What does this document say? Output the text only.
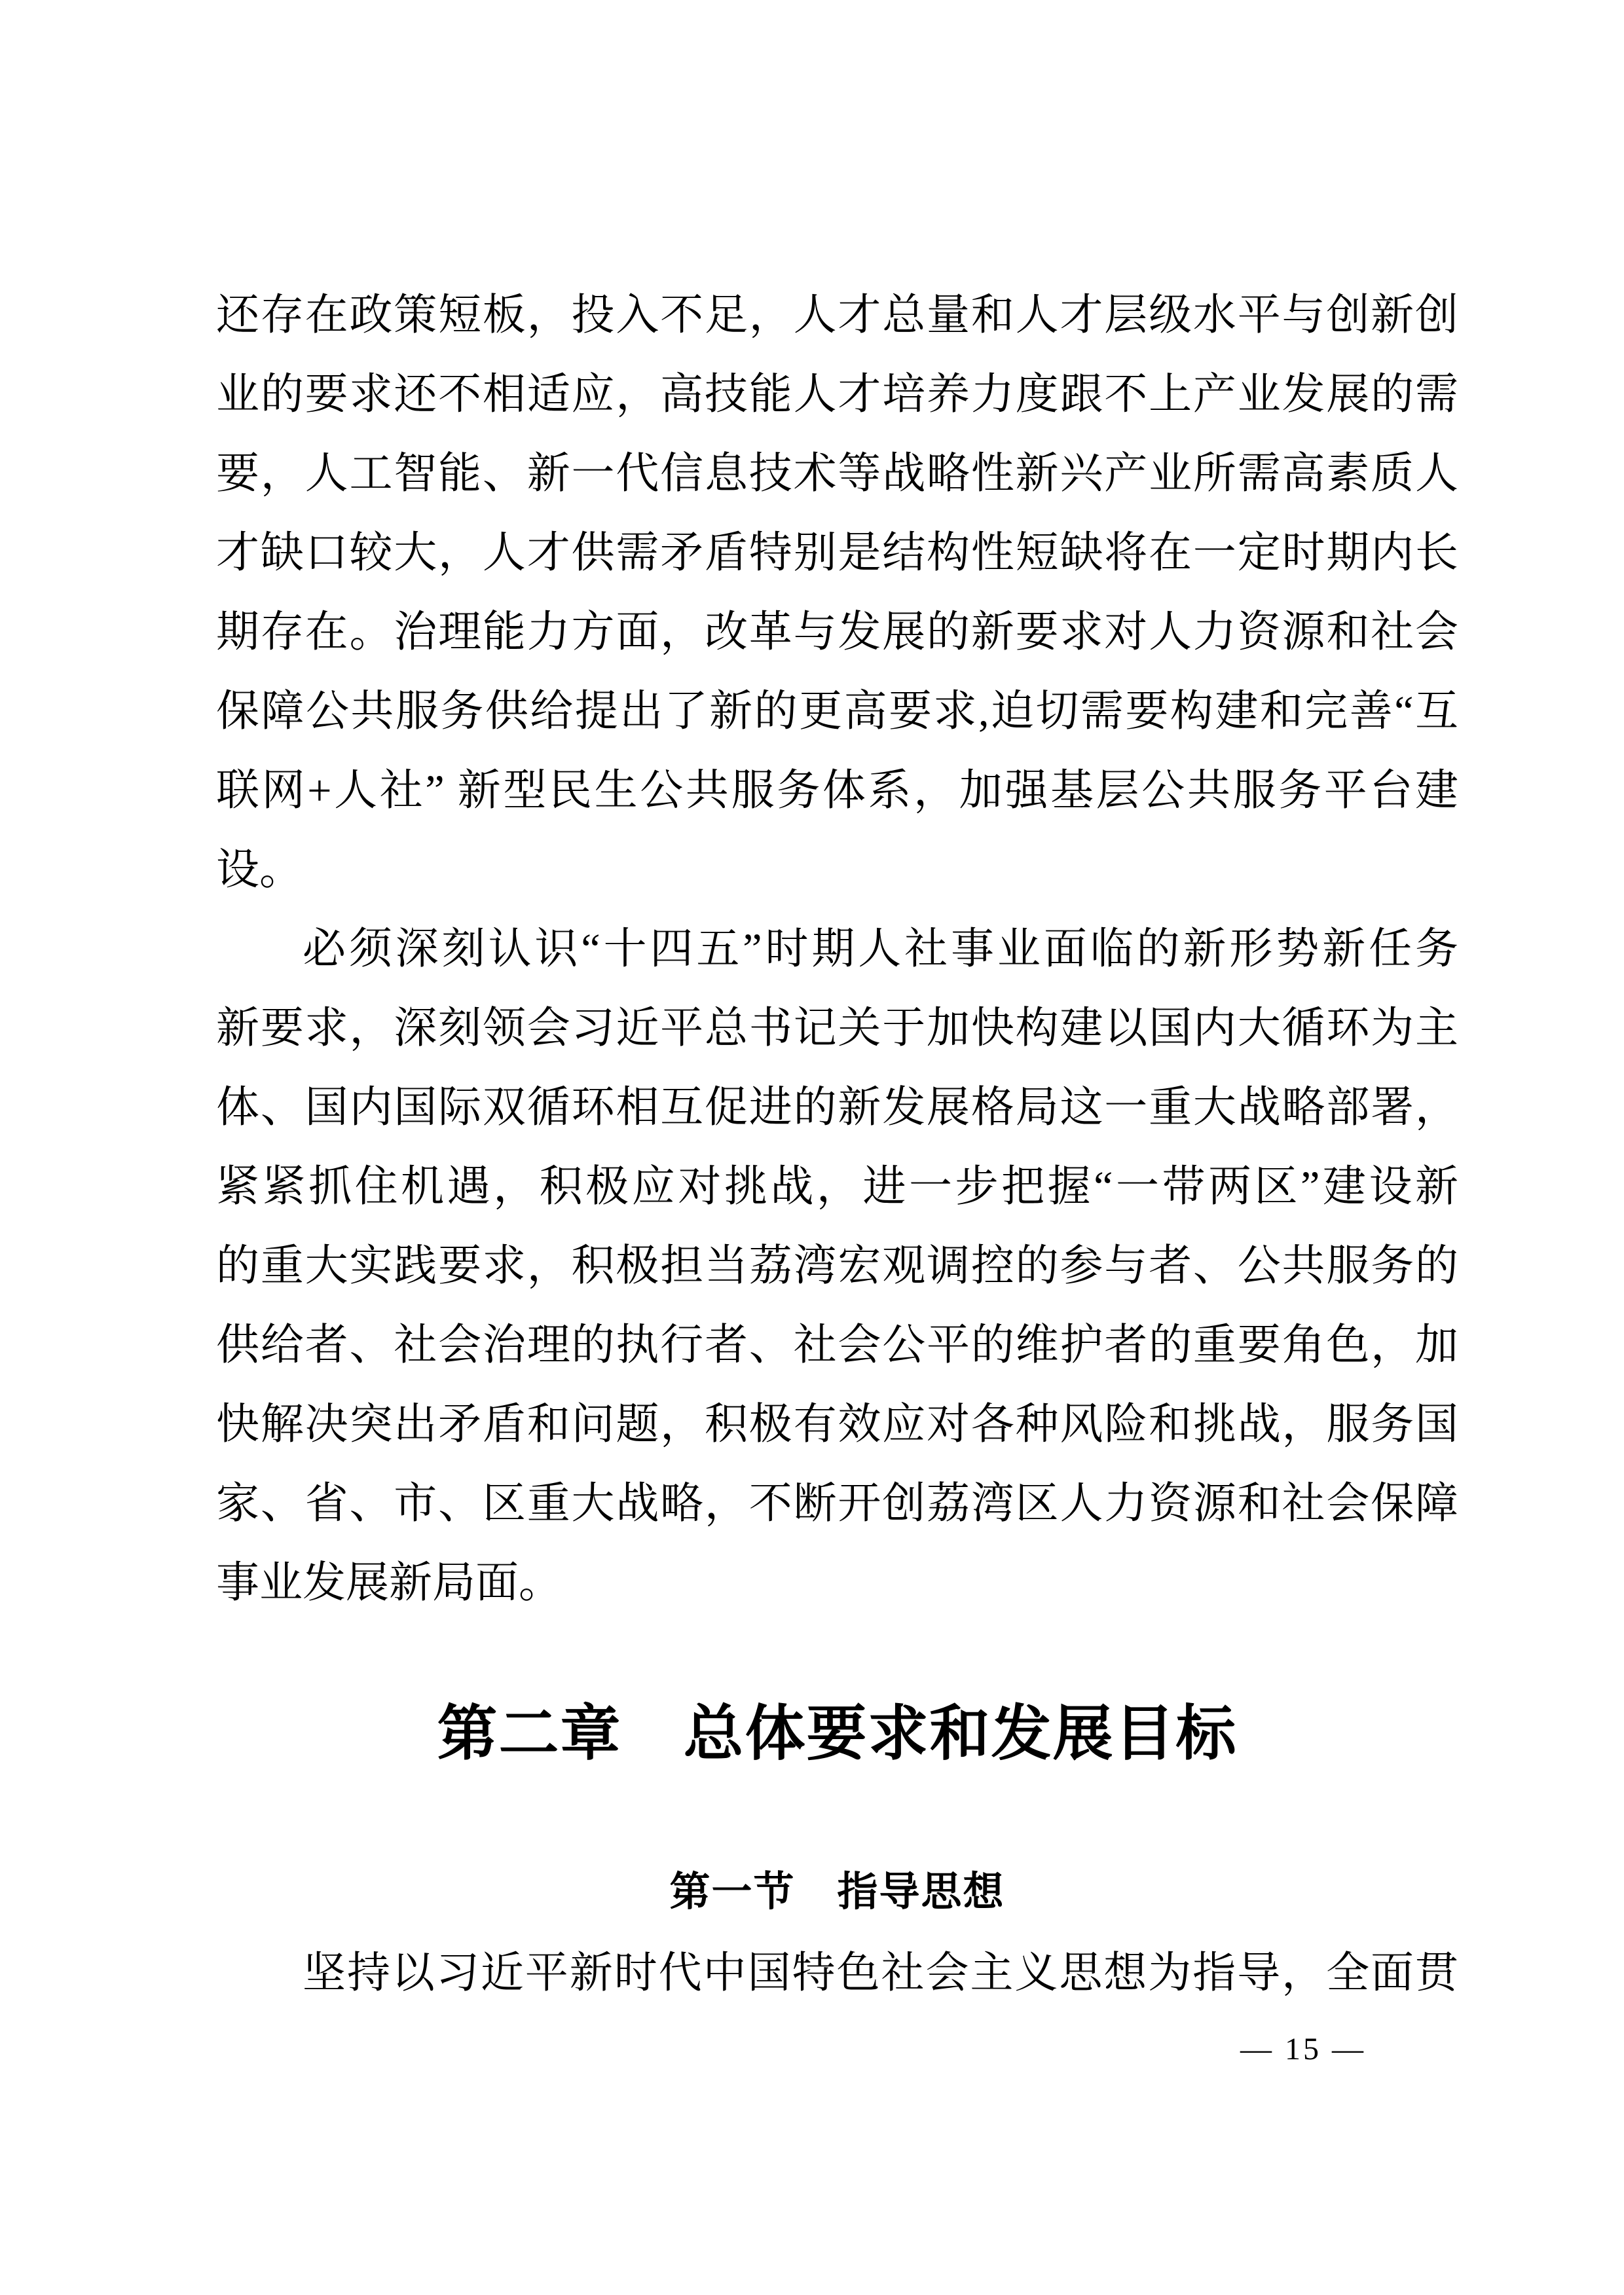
还存在政策短板，投入不足，人才总量和人才层级水平与创新创
业的要求还不相适应，高技能人才培养力度跟不上产业发展的需
要，人工智能、新一代信息技术等战略性新兴产业所需高素质人
才缺口较大，人才供需矛盾特别是结构性短缺将在一定时期内长
期存在。治理能力方面，改革与发展的新要求对人力资源和社会
保障公共服务供给提出了新的更高要求,迫切需要构建和完善“互
联网+人社” 新型民生公共服务体系，加强基层公共服务平台建
设。
必须深刻认识“十四五”时期人社事业面临的新形势新任务
新要求，深刻领会习近平总书记关于加快构建以国内大循环为主
体、国内国际双循环相互促进的新发展格局这一重大战略部署，
紧紧抓住机遇，积极应对挑战，进一步把握“一带两区”建设新
的重大实践要求，积极担当荔湾宏观调控的参与者、公共服务的
供给者、社会治理的执行者、社会公平的维护者的重要角色，加
快解决突出矛盾和问题，积极有效应对各种风险和挑战，服务国
家、省、市、区重大战略，不断开创荔湾区人力资源和社会保障
事业发展新局面。
第二章　总体要求和发展目标
第一节　指导思想
坚持以习近平新时代中国特色社会主义思想为指导，全面贯
— 15 —
